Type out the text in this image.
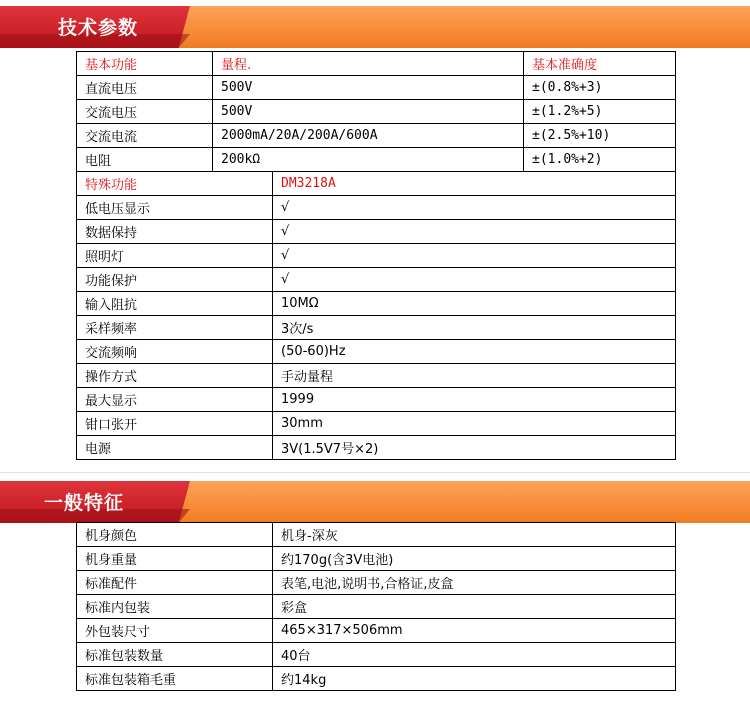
技术参数
基本功能	量程.		基本准确度
直流电压	500V		±(0.8%+3)
交流电压	500V		±(1.2%+5)
交流电流	2000mA/20A/200A/600A		±(2.5%+10)
电阻	200kΩ		±(1.0%+2)
特殊功能		DM3218A	
低电压显示		√	
数据保持		√	
照明灯		√	
功能保护		√	
输入阻抗		10MΩ	
采样频率		3次/s	
交流频响		(50-60)Hz	
操作方式		手动量程	
最大显示		1999	
钳口张开		30mm	
电源		3V(1.5V7号×2)	
一般特征
机身颜色	机身-深灰
机身重量	约170g(含3V电池)
标准配件	表笔,电池,说明书,合格证,皮盒
标准内包装	彩盒
外包装尺寸	465×317×506mm
标准包装数量	40台
标准包装箱毛重	约14kg
